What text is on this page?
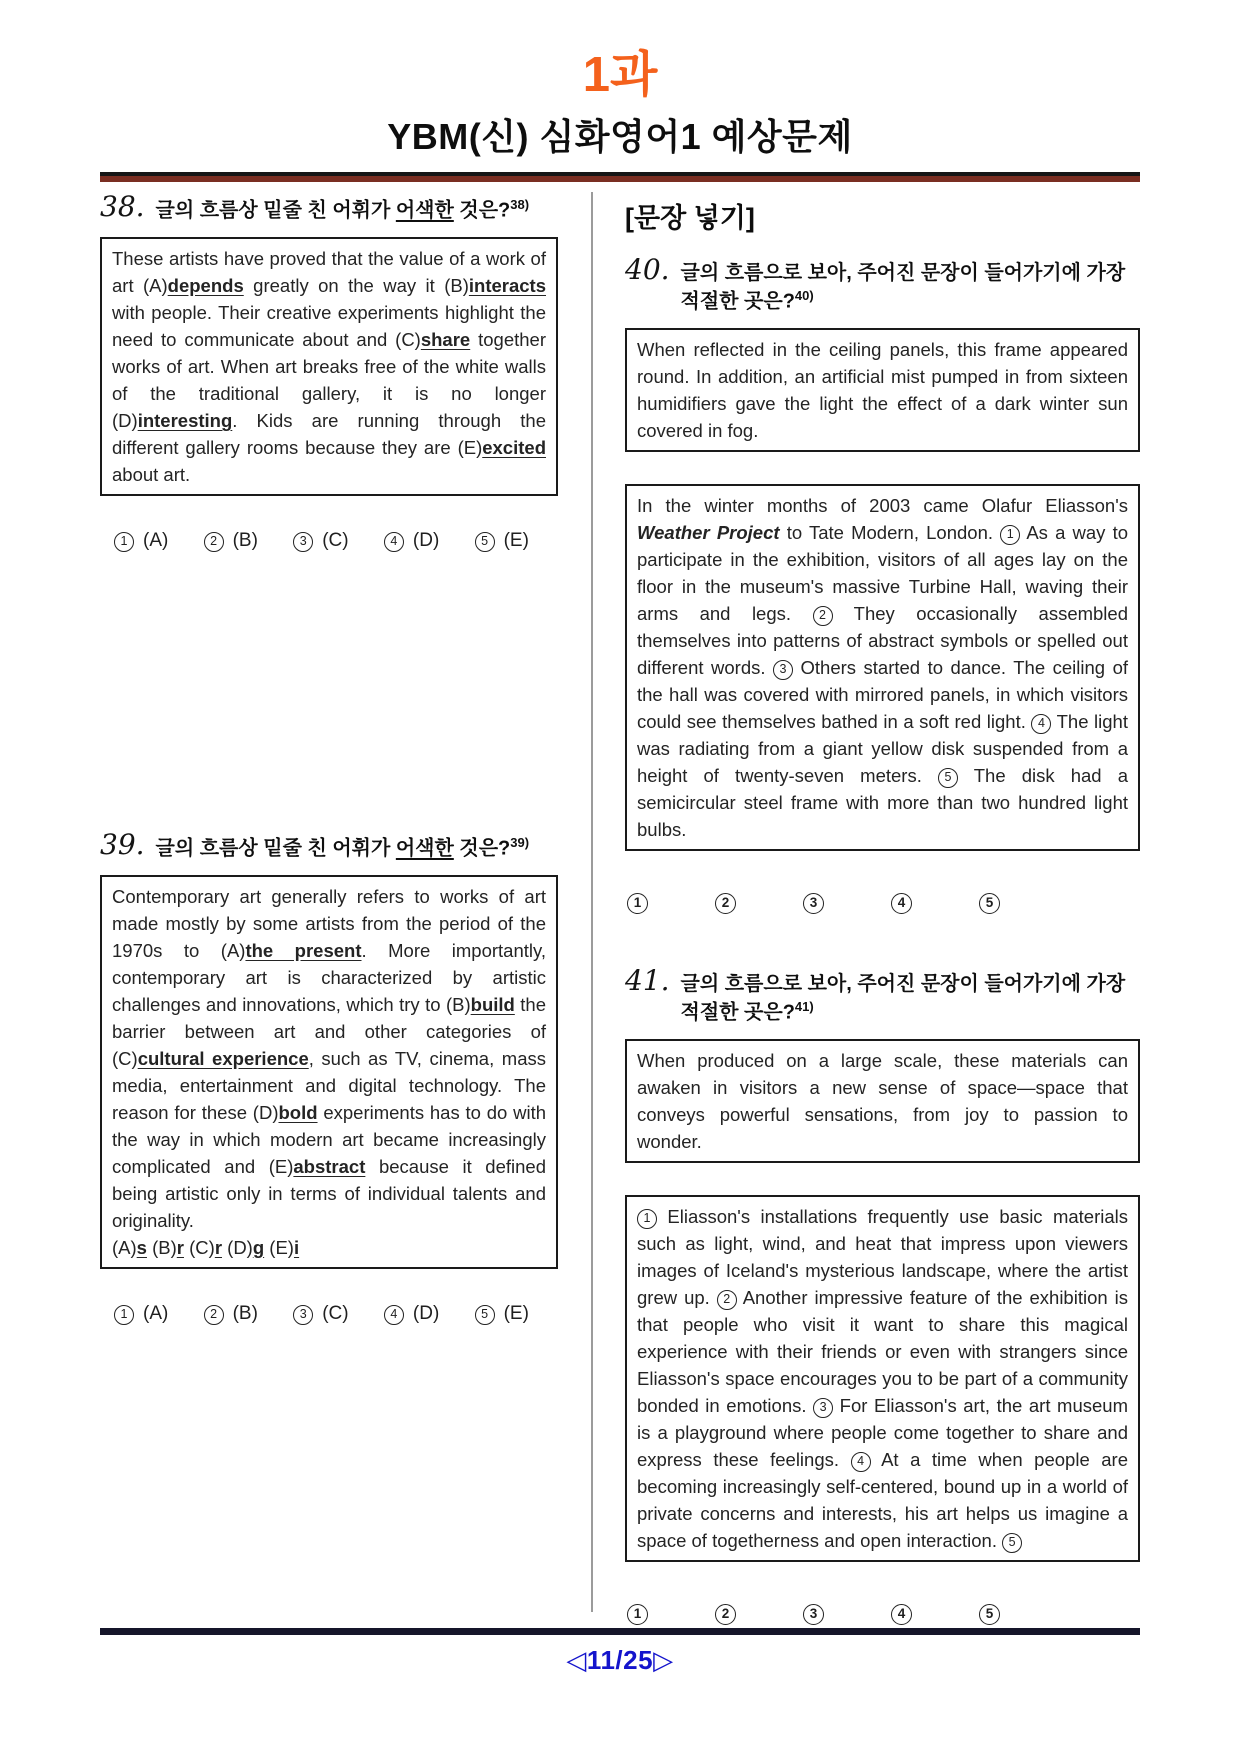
1과
YBM(신) 심화영어1 예상문제
38. 글의 흐름상 밑줄 친 어휘가 어색한 것은?$^{38)}$

These artists have proved that the value of a work of art (A)depends greatly on the way it (B)interacts with people. Their creative experiments highlight the need to communicate about and (C)share together works of art. When art breaks free of the white walls of the traditional gallery, it is no longer (D)interesting. Kids are running through the different gallery rooms because they are (E)excited about art.

1 (A)	2 (B)	3 (C)	4 (D)	5 (E)
39. 글의 흐름상 밑줄 친 어휘가 어색한 것은?$^{39)}$

Contemporary art generally refers to works of art made mostly by some artists from the period of the 1970s to (A)the present. More importantly, contemporary art is characterized by artistic challenges and innovations, which try to (B)build the barrier between art and other categories of (C)cultural experience, such as TV, cinema, mass media, entertainment and digital technology. The reason for these (D)bold experiments has to do with the way in which modern art became increasingly complicated and (E)abstract because it defined being artistic only in terms of individual talents and originality.

(A)s (B)r (C)r (D)g (E)i

1 (A)	2 (B)	3 (C)	4 (D)	5 (E)
[문장 넣기]
40. 글의 흐름으로 보아, 주어진 문장이 들어가기에 가장 적절한 곳은?$^{40)}$

When reflected in the ceiling panels, this frame appeared round. In addition, an artificial mist pumped in from sixteen humidifiers gave the light the effect of a dark winter sun covered in fog.

In the winter months of 2003 came Olafur Eliasson's Weather Project to Tate Modern, London. 1 As a way to participate in the exhibition, visitors of all ages lay on the floor in the museum's massive Turbine Hall, waving their arms and legs. 2 They occasionally assembled themselves into patterns of abstract symbols or spelled out different words. 3 Others started to dance. The ceiling of the hall was covered with mirrored panels, in which visitors could see themselves bathed in a soft red light. 4 The light was radiating from a giant yellow disk suspended from a height of twenty-seven meters. 5 The disk had a semicircular steel frame with more than two hundred light bulbs.

1	2	3	4	5
41. 글의 흐름으로 보아, 주어진 문장이 들어가기에 가장 적절한 곳은?$^{41)}$

When produced on a large scale, these materials can awaken in visitors a new sense of space—space that conveys powerful sensations, from joy to passion to wonder.

1 Eliasson's installations frequently use basic materials such as light, wind, and heat that impress upon viewers images of Iceland's mysterious landscape, where the artist grew up. 2 Another impressive feature of the exhibition is that people who visit it want to share this magical experience with their friends or even with strangers since Eliasson's space encourages you to be part of a community bonded in emotions. 3 For Eliasson's art, the art museum is a playground where people come together to share and express these feelings. 4 At a time when people are becoming increasingly self-centered, bound up in a world of private concerns and interests, his art helps us imagine a space of togetherness and open interaction. 5

1	2	3	4	5
◁11/25▷
